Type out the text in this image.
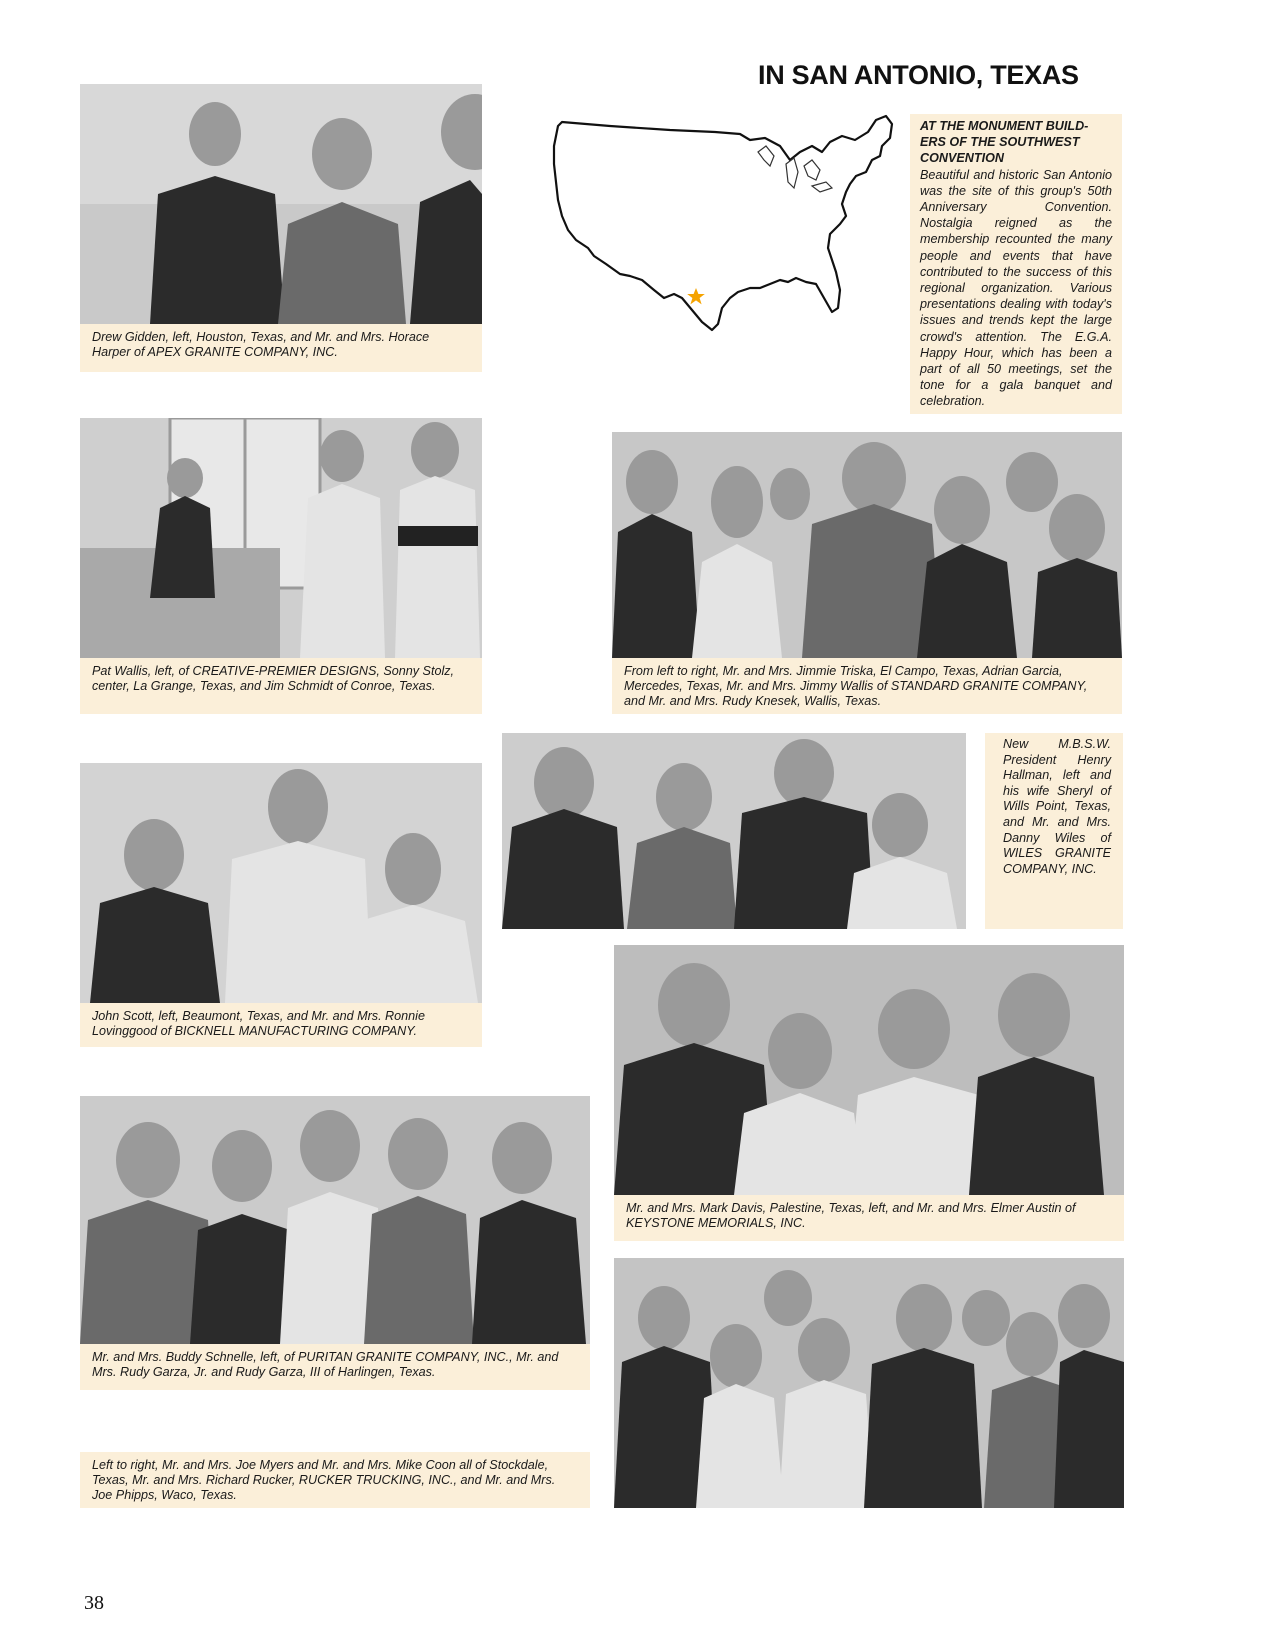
IN SAN ANTONIO, TEXAS
AT THE MONUMENT BUILD-ERS OF THE SOUTHWEST CONVENTION
Beautiful and historic San Antonio was the site of this group's 50th Anniversary Convention. Nostalgia reigned as the membership recounted the many people and events that have contributed to the success of this regional organization. Various presentations dealing with today's issues and trends kept the large crowd's attention. The E.G.A. Happy Hour, which has been a part of all 50 meetings, set the tone for a gala banquet and celebration.
Drew Gidden, left, Houston, Texas, and Mr. and Mrs. Horace Harper of APEX GRANITE COMPANY, INC.
Pat Wallis, left, of CREATIVE-PREMIER DESIGNS, Sonny Stolz, center, La Grange, Texas, and Jim Schmidt of Conroe, Texas.
From left to right, Mr. and Mrs. Jimmie Triska, El Campo, Texas, Adrian Garcia, Mercedes, Texas, Mr. and Mrs. Jimmy Wallis of STANDARD GRANITE COMPANY, and Mr. and Mrs. Rudy Knesek, Wallis, Texas.
New M.B.S.W. President Henry Hallman, left and his wife Sheryl of Wills Point, Texas, and Mr. and Mrs. Danny Wiles of WILES GRANITE COMPANY, INC.
John Scott, left, Beaumont, Texas, and Mr. and Mrs. Ronnie Lovinggood of BICKNELL MANUFACTURING COMPANY.
Mr. and Mrs. Mark Davis, Palestine, Texas, left, and Mr. and Mrs. Elmer Austin of KEYSTONE MEMORIALS, INC.
Mr. and Mrs. Buddy Schnelle, left, of PURITAN GRANITE COMPANY, INC., Mr. and Mrs. Rudy Garza, Jr. and Rudy Garza, III of Harlingen, Texas.
Left to right, Mr. and Mrs. Joe Myers and Mr. and Mrs. Mike Coon all of Stockdale, Texas, Mr. and Mrs. Richard Rucker, RUCKER TRUCKING, INC., and Mr. and Mrs. Joe Phipps, Waco, Texas.
38
